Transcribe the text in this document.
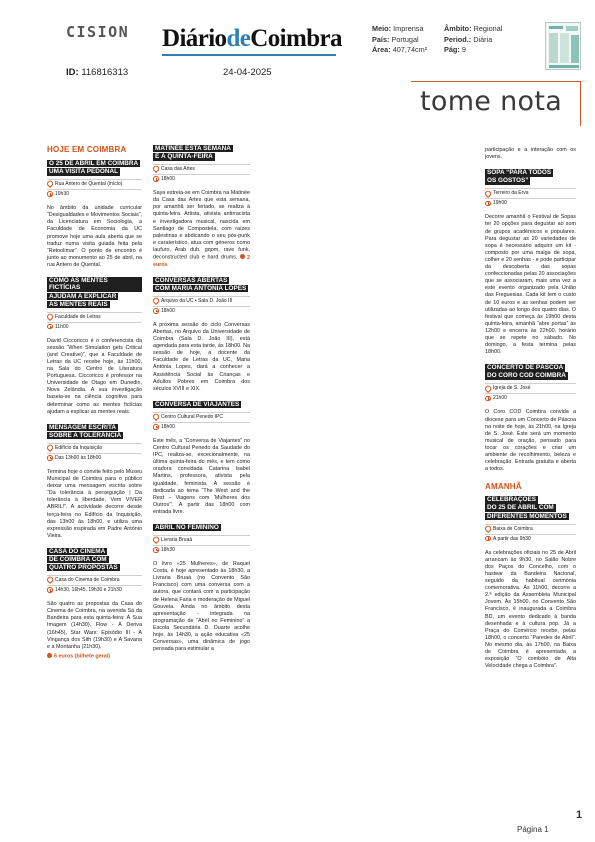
CISION DiáriodeCoimbra
ID: 116816313	24-04-2025
Meio: Imprensa
País: Portugal
Área: 407,74cm²
Âmbito: Regional
Period.: Diária
Pág: 9
tome nota
HOJE EM COIMBRA
O 25 DE ABRIL EM COIMBRA
UMA VISITA PEDONAL
Rua Antero de Quental (início)
10h30
No âmbito da unidade curricular “Desigualdades e Movimentos Sociais”, da Licenciatura em Sociologia, a Faculdade de Economia da UC promove hoje uma aula aberta que se traduz numa visita guiada feita pela “Retoolimar”. O ponto de encontro é junto ao monumento ao 25 de abril, na rua Antero de Quental.
COMO AS MENTES FICTÍCIAS
AJUDAM A EXPLICAR
AS MENTES REAIS
Faculdade de Letras
11h00
David Ciccoricco é o conferencista da sessão “When Simulation gets Critical (and Creative)”, que a Faculdade de Letras da UC recebe hoje, às 11h00, na Sala do Centro de Literatura Portuguesa. Ciccoricco é professor na Universidade de Otago em Dunedin, Nova Zelândia. A sua investigação baseia-se na ciência cognitiva para determinar como as mentes fictícias ajudam a explicar as mentes reais.
MENSAGEM ESCRITA
SOBRE A TOLERÂNCIA
Edifício da Inquisição
Das 13h00 às 18h00
Termina hoje o convite feito pelo Museu Municipal de Coimbra para o público deixar uma mensagem escrita sobre “Da tolerância à perseguição | Da tolerância à liberdade, Vem VIVER ABRIL!”. A actividade decorre desde terça-feira no Edifício da Inquisição, das 13h00 às 18h00, e utiliza uma expressão inspirada em Padre António Vieira.
CASA DO CINEMA
DE COIMBRA COM
QUATRO PROPOSTAS
Casa do Cinema de Coimbra
14h30, 16h45, 19h30 e 21h30
São quatro as propostas da Casa do Cinema de Coimbra, na avenida Sá da Bandeira para esta quinta-feira: À Sua Imagem (14h30), Flow - À Deriva (16h45), Star Wars: Episódio III - A Vingança dos Sith (19h30) e A Savana e a Montanha (21h30).
6 euros (bilhete geral)
MATINÉE ESTA SEMANA
É À QUINTA-FEIRA
Casa das Artes
18h00
Saya estreia-se em Coimbra na Matinée da Casa das Artes que esta semana, por amanhã ser feriado, se realiza à quinta-feira. Artista, ativista antirracista e investigadora musical, nascida em Santiago de Compostela, com raízes palestinas e abdicando o seu pós-punk e caraterístico, atua com géneros como laufuro, Arab dub, gqom, rave funk, deconstructed club e hard drums. 2 euros
CONVERSAS ABERTAS
COM MARIA ANTÓNIA LOPES
Arquivo da UC • Sala D. João III
18h00
A próxima sessão do ciclo Conversas Abertas, no Arquivo da Universidade de Coimbra (Sala D. João III), está agendada para esta tarde, às 18h00. Na sessão de hoje, a docente da Faculdade de Letras da UC, Maria Antónia Lopes, dará a conhecer a Assistência Social às Crianças e Adultos Pobres em Coimbra dos séculos XVIII e XIX.
CONVERSA DE VIAJANTES
Centro Cultural Penedo IPC
18h00
Este mês, a “Conversa de Viajantes” no Centro Cultural Penedo da Saudade do IPC, realiza-se, excecionalmente, na última quinta-feira do mês, e tem como oradora convidada Catarina Isabel Martins, professora, ativista pela igualdade, feminista. A sessão é dedicada ao tema “The West and the Rest – Viagens com ‘Mulheres dos Outros’”. A partir das 18h00 com entrada livre.
ABRIL NO FEMININO
Livraria Bruaá
18h30
O livro «25 Mulheres», de Raquel Costa, é hoje apresentado às 18h30, a Livraria Bruaá (no Convento São Francisco) com uma conversa com a autora, que contará com a participação de Helena Faria e moderação de Miguel Gouveia. Ainda no âmbito desta apresentação - integrada na programação de “Abril no Feminino” a Escola Secundária D. Duarte acolhe hoje, às 14h30, a ação educativa «25 Conversas», uma dinâmica de jogo pensada para estimular a
participação e a interação com os jovens.
SOPA “PARA TODOS
OS GOSTOS”
Terreiro da Erva
19h00
Decorre amanhã o Festival de Sopas ter 20 opções para degustar ao som de grupos académicos e populares. Para degustar as 20 variedades de sopa é necessário adquirir um kit - composto por uma malga de sopa, colher e 20 senhas - e pode participar da descoberta das sopas confeccionadas pelas 20 associações que se associaram, mais uma vez a este evento organizado pela União das Freguesias. Cada kit tem o custo de 10 euros e as senhas podem ser utilizadas ao longo dos quatro dias. O festival que começa às 19h00 desta quinta-feira, amanhã “abre portas” às 12h00 e encerra às 22h00, horário que se repete no sábado. No domingo, a festa termina pelas 18h00.
CONCERTO DE PÁSCOA
DO CORO COD COIMBRA
Igreja de S. José
21h00
O Coro COD Coimbra convida a diocese para um Concerto de Páscoa na noite de hoje, às 21h00, na Igreja de S. José. Este será um momento musical de oração, pensado para tocar os corações e criar um ambiente de recolhimento, beleza e celebração. Entrada gratuita e aberta a todos.
AMANHÃ
CELEBRAÇÕES
DO 25 DE ABRIL COM
DIFERENTES MOMENTOS
Baixa de Coimbra
A partir das 9h30
As celebrações oficiais no 25 de Abril arrancam às 9h30, no Salão Nobre dos Paços do Concelho, com o hastear da Bandeira Nacional, seguido da habitual cerimónia comemorativa. Às 11h00, decorre a 2.ª edição da Assembleia Municipal Jovem. Às 15h00, no Convento São Francisco, é inaugurada a Coimbra BD, um evento dedicado à banda desenhada e à cultura pop. Já a Praça do Comércio recebe, pelas 18h00, o concerto “Paredes de Abril”. No mesmo dia, às 17h00, na Baixa de Coimbra é apresentada a exposição “O combóio de Alta Velocidade chega a Coimbra”.
1
Página 1
